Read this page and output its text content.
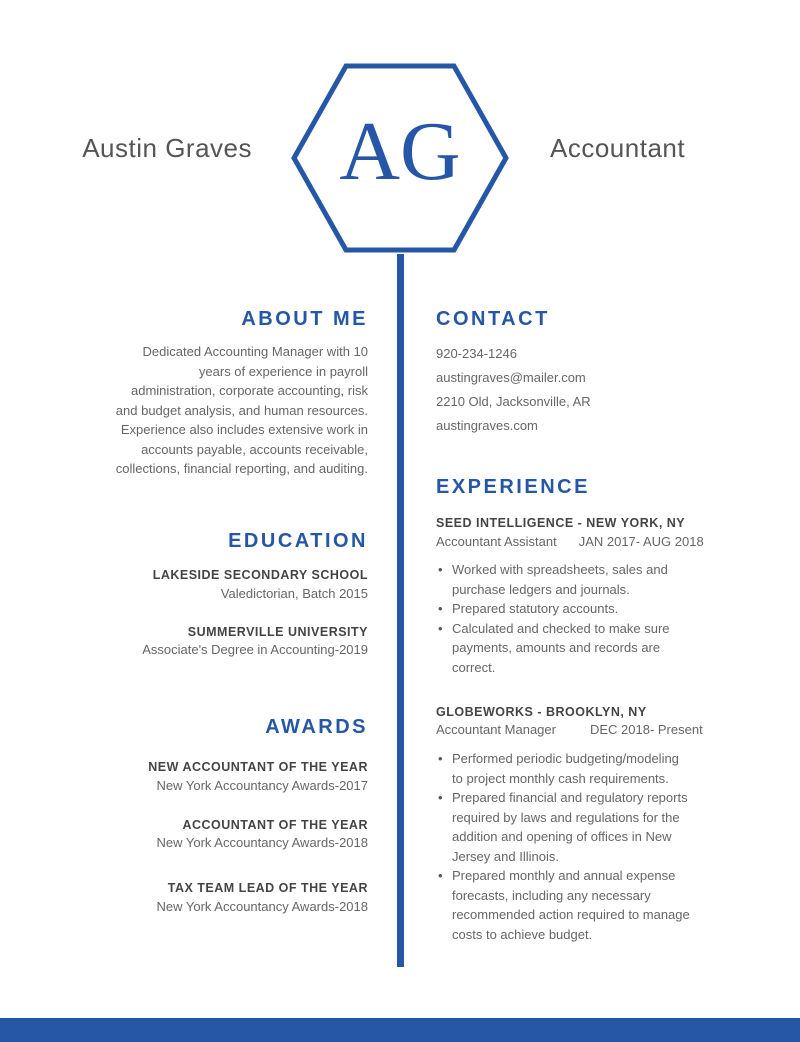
Austin Graves	Accountant
AG
ABOUT ME
Dedicated Accounting Manager with 10
years of experience in payroll
administration, corporate accounting, risk
and budget analysis, and human resources.
Experience also includes extensive work in
accounts payable, accounts receivable,
collections, financial reporting, and auditing.
EDUCATION
LAKESIDE SECONDARY SCHOOL
Valedictorian, Batch 2015
SUMMERVILLE UNIVERSITY
Associate's Degree in Accounting-2019
AWARDS
NEW ACCOUNTANT OF THE YEAR
New York Accountancy Awards-2017
ACCOUNTANT OF THE YEAR
New York Accountancy Awards-2018
TAX TEAM LEAD OF THE YEAR
New York Accountancy Awards-2018
CONTACT
920-234-1246
austingraves@mailer.com
2210 Old, Jacksonville, AR
austingraves.com
EXPERIENCE
SEED INTELLIGENCE - NEW YORK, NY
Accountant Assistant JAN 2017- AUG 2018
• Worked with spreadsheets, sales and
purchase ledgers and journals.
• Prepared statutory accounts.
• Calculated and checked to make sure
payments, amounts and records are
correct.
GLOBEWORKS - BROOKLYN, NY
Accountant Manager	DEC 2018- Present
• Performed periodic budgeting/modeling
to project monthly cash requirements.
• Prepared financial and regulatory reports
required by laws and regulations for the
addition and opening of offices in New
Jersey and Illinois.
• Prepared monthly and annual expense
forecasts, including any necessary
recommended action required to manage
costs to achieve budget.
